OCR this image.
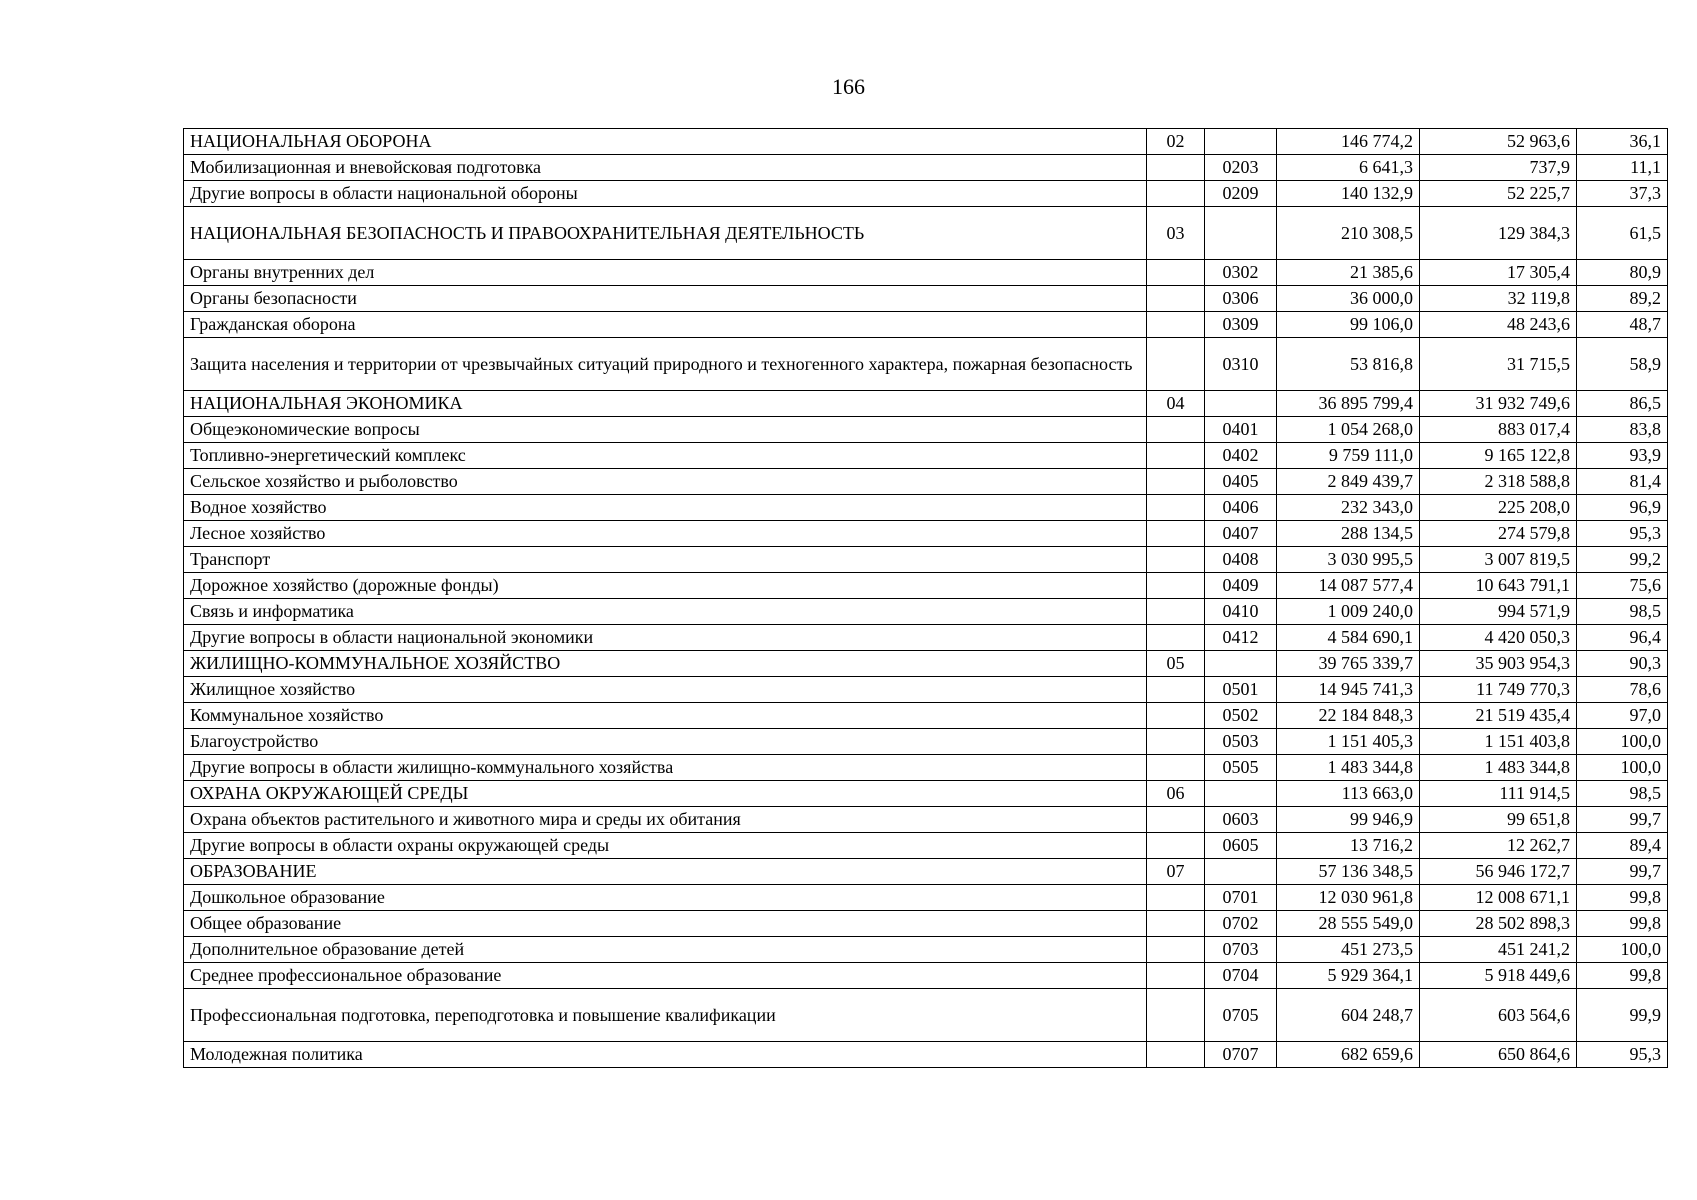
166
НАЦИОНАЛЬНАЯ ОБОРОНА	02		146 774,2	52 963,6	36,1
Мобилизационная и вневойсковая подготовка		0203	6 641,3	737,9	11,1
Другие вопросы в области национальной обороны		0209	140 132,9	52 225,7	37,3
НАЦИОНАЛЬНАЯ БЕЗОПАСНОСТЬ И ПРАВООХРАНИТЕЛЬНАЯ ДЕЯТЕЛЬНОСТЬ	03		210 308,5	129 384,3	61,5
Органы внутренних дел		0302	21 385,6	17 305,4	80,9
Органы безопасности		0306	36 000,0	32 119,8	89,2
Гражданская оборона		0309	99 106,0	48 243,6	48,7
Защита населения и территории от чрезвычайных ситуаций природного и техногенного характера, пожарная безопасность		0310	53 816,8	31 715,5	58,9
НАЦИОНАЛЬНАЯ ЭКОНОМИКА	04		36 895 799,4	31 932 749,6	86,5
Общеэкономические вопросы		0401	1 054 268,0	883 017,4	83,8
Топливно-энергетический комплекс		0402	9 759 111,0	9 165 122,8	93,9
Сельское хозяйство и рыболовство		0405	2 849 439,7	2 318 588,8	81,4
Водное хозяйство		0406	232 343,0	225 208,0	96,9
Лесное хозяйство		0407	288 134,5	274 579,8	95,3
Транспорт		0408	3 030 995,5	3 007 819,5	99,2
Дорожное хозяйство (дорожные фонды)		0409	14 087 577,4	10 643 791,1	75,6
Связь и информатика		0410	1 009 240,0	994 571,9	98,5
Другие вопросы в области национальной экономики		0412	4 584 690,1	4 420 050,3	96,4
ЖИЛИЩНО-КОММУНАЛЬНОЕ ХОЗЯЙСТВО	05		39 765 339,7	35 903 954,3	90,3
Жилищное хозяйство		0501	14 945 741,3	11 749 770,3	78,6
Коммунальное хозяйство		0502	22 184 848,3	21 519 435,4	97,0
Благоустройство		0503	1 151 405,3	1 151 403,8	100,0
Другие вопросы в области жилищно-коммунального хозяйства		0505	1 483 344,8	1 483 344,8	100,0
ОХРАНА ОКРУЖАЮЩЕЙ СРЕДЫ	06		113 663,0	111 914,5	98,5
Охрана объектов растительного и животного мира и среды их обитания		0603	99 946,9	99 651,8	99,7
Другие вопросы в области охраны окружающей среды		0605	13 716,2	12 262,7	89,4
ОБРАЗОВАНИЕ	07		57 136 348,5	56 946 172,7	99,7
Дошкольное образование		0701	12 030 961,8	12 008 671,1	99,8
Общее образование		0702	28 555 549,0	28 502 898,3	99,8
Дополнительное образование детей		0703	451 273,5	451 241,2	100,0
Среднее профессиональное образование		0704	5 929 364,1	5 918 449,6	99,8
Профессиональная подготовка, переподготовка и повышение квалификации		0705	604 248,7	603 564,6	99,9
Молодежная политика		0707	682 659,6	650 864,6	95,3
